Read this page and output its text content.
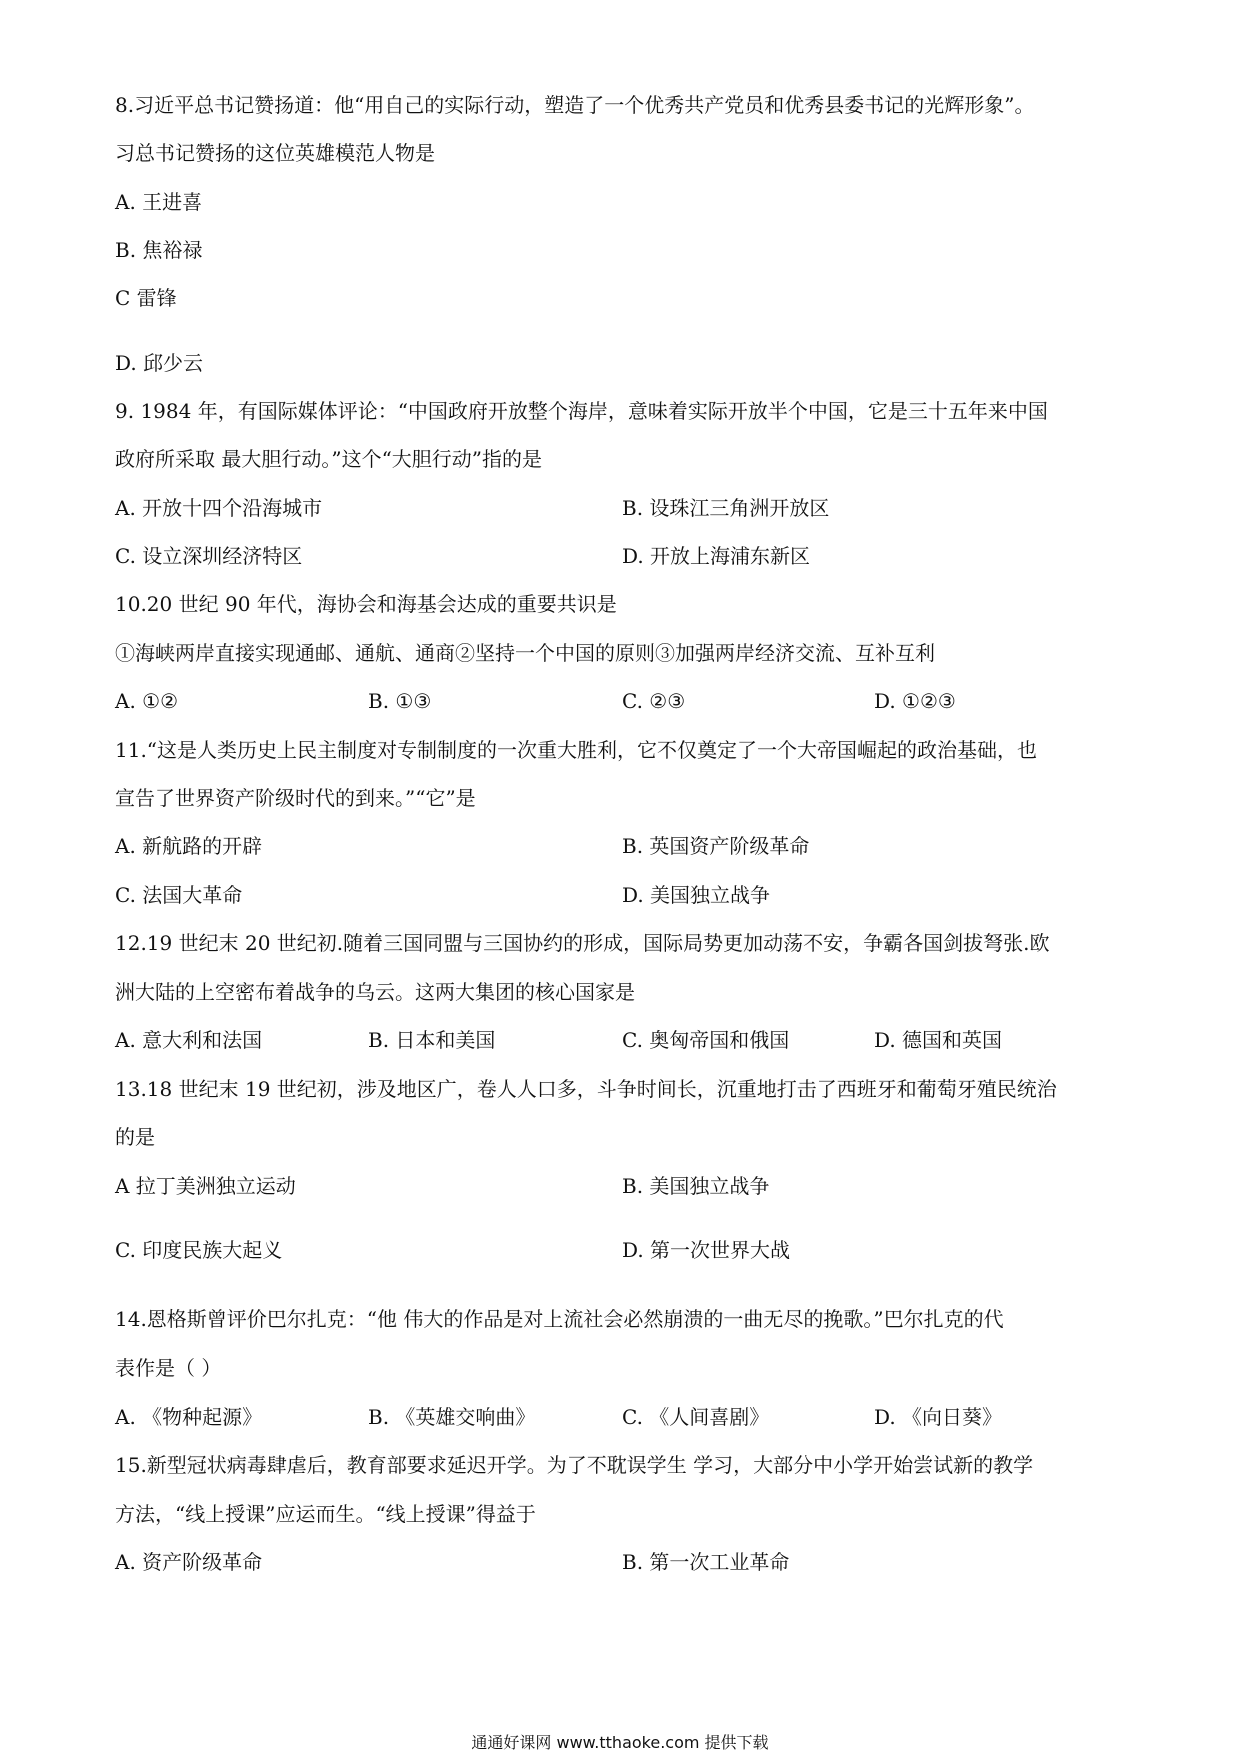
8.习近平总书记赞扬道：他“用自己的实际行动，塑造了一个优秀共产党员和优秀县委书记的光辉形象”。
习总书记赞扬的这位英雄模范人物是
A. 王进喜
B. 焦裕禄
C 雷锋
D. 邱少云
9. 1984 年，有国际媒体评论：“中国政府开放整个海岸，意味着实际开放半个中国，它是三十五年来中国
政府所采取 最大胆行动。”这个“大胆行动”指的是
A. 开放十四个沿海城市	B. 设珠江三角洲开放区
C. 设立深圳经济特区	D. 开放上海浦东新区
10.20 世纪 90 年代，海协会和海基会达成的重要共识是
①海峡两岸直接实现通邮、通航、通商②坚持一个中国的原则③加强两岸经济交流、互补互利
A. ①②	B. ①③	C. ②③	D. ①②③
11.“这是人类历史上民主制度对专制制度的一次重大胜利，它不仅奠定了一个大帝国崛起的政治基础，也
宣告了世界资产阶级时代的到来。”“它”是
A. 新航路的开辟	B. 英国资产阶级革命
C. 法国大革命	D. 美国独立战争
12.19 世纪末 20 世纪初.随着三国同盟与三国协约的形成，国际局势更加动荡不安，争霸各国剑拔弩张.欧
洲大陆的上空密布着战争的乌云。这两大集团的核心国家是
A. 意大利和法国	B. 日本和美国	C. 奥匈帝国和俄国	D. 德国和英国
13.18 世纪末 19 世纪初，涉及地区广，卷人人口多，斗争时间长，沉重地打击了西班牙和葡萄牙殖民统治
的是
A 拉丁美洲独立运动	B. 美国独立战争
C. 印度民族大起义	D. 第一次世界大战
14.恩格斯曾评价巴尔扎克：“他 伟大的作品是对上流社会必然崩溃的一曲无尽的挽歌。”巴尔扎克的代
表作是（ ）
A. 《物种起源》	B. 《英雄交响曲》	C. 《人间喜剧》	D. 《向日葵》
15.新型冠状病毒肆虐后，教育部要求延迟开学。为了不耽误学生 学习，大部分中小学开始尝试新的教学
方法，“线上授课”应运而生。“线上授课”得益于
A. 资产阶级革命	B. 第一次工业革命
通通好课网 www.tthaoke.com 提供下载
